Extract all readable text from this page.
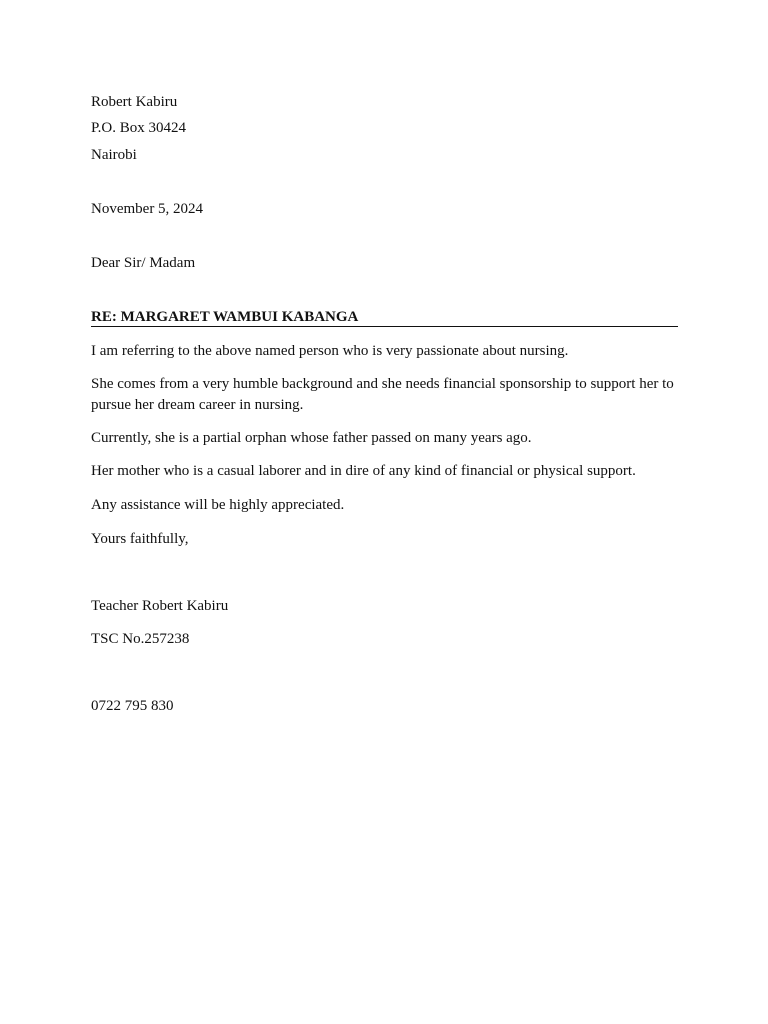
Robert Kabiru
P.O. Box 30424
Nairobi
November 5, 2024
Dear Sir/ Madam
RE: MARGARET WAMBUI KABANGA
I am referring to the above named person who is very passionate about nursing.
She comes from a very humble background and she needs financial sponsorship to support her to pursue her dream career in nursing.
Currently, she is a partial orphan whose father passed on many years ago.
Her mother who is a casual laborer and in dire of any kind of financial or physical support.
Any assistance will be highly appreciated.
Yours faithfully,
Teacher Robert Kabiru
TSC No.257238
0722 795 830
